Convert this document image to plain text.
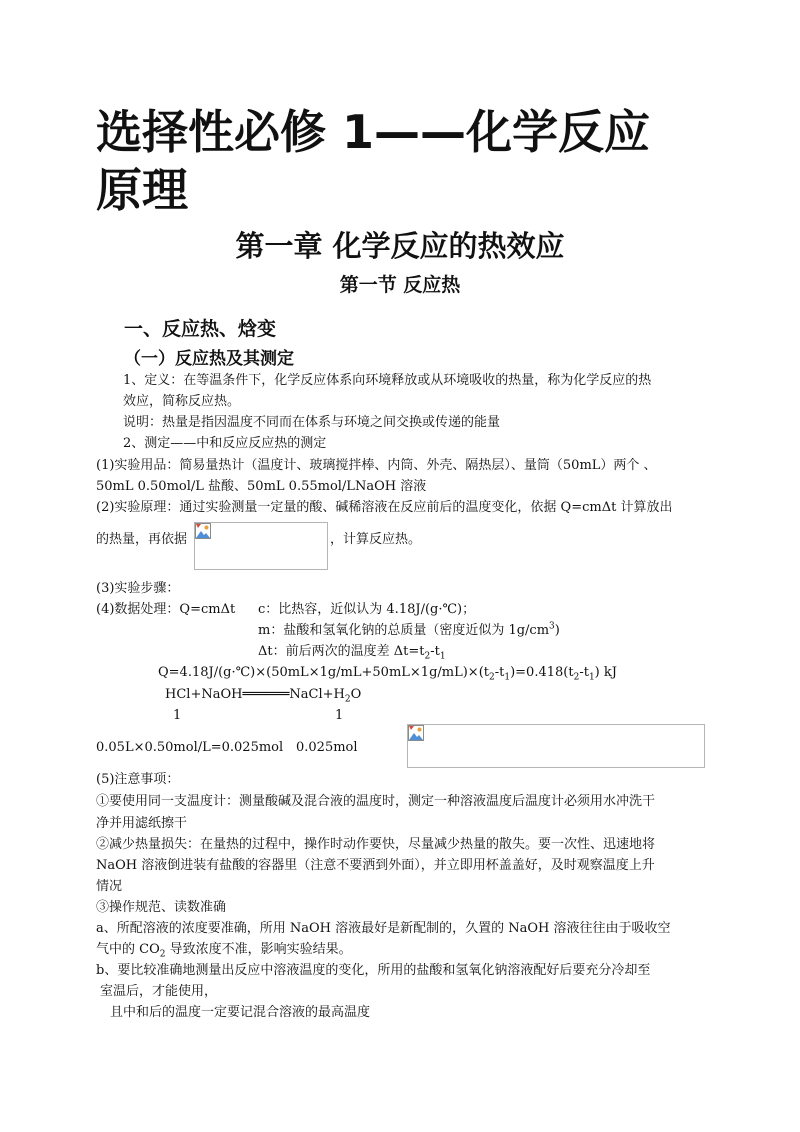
选择性必修 1——化学反应
原理
第一章 化学反应的热效应
第一节 反应热
一、反应热、焓变
（一）反应热及其测定
1、定义：在等温条件下，化学反应体系向环境释放或从环境吸收的热量，称为化学反应的热
效应，简称反应热。
说明：热量是指因温度不同而在体系与环境之间交换或传递的能量
2、测定——中和反应反应热的测定
(1)实验用品：简易量热计（温度计、玻璃搅拌棒、内筒、外壳、隔热层）、量筒（50mL）两个 、
50mL 0.50mol/L 盐酸、50mL 0.55mol/LNaOH 溶液
(2)实验原理：通过实验测量一定量的酸、碱稀溶液在反应前后的温度变化，依据 Q=cmΔt 计算放出
的热量，再依据	，计算反应热。
(3)实验步骤：
(4)数据处理：Q=cmΔt c：比热容，近似认为 4.18J/(g·℃)；
m：盐酸和氢氧化钠的总质量（密度近似为 $1g/cm^3$)
Δt：前后两次的温度差 $\Delta t=t_2-t_1$
$Q=4.18J/(g\cdot℃)\times(50mL\times 1g/mL+50mL\times 1g/mL)\times(t_2-t_1)=0.418(t_2-t_1)$ kJ
$HCl+NaOH══════NaCl+H_2O$
1	1
0.05L×0.50mol/L=0.025mol 0.025mol
(5)注意事项：
①要使用同一支温度计：测量酸碱及混合液的温度时，测定一种溶液温度后温度计必须用水冲洗干
净并用滤纸擦干
②减少热量损失：在量热的过程中，操作时动作要快，尽量减少热量的散失。要一次性、迅速地将
NaOH 溶液倒进装有盐酸的容器里（注意不要洒到外面），并立即用杯盖盖好，及时观察温度上升
情况
③操作规范、读数准确
a、所配溶液的浓度要准确，所用 NaOH 溶液最好是新配制的，久置的 NaOH 溶液往往由于吸收空
气中的 $CO_2$ 导致浓度不准，影响实验结果。
b、要比较准确地测量出反应中溶液温度的变化，所用的盐酸和氢氧化钠溶液配好后要充分冷却至
室温后，才能使用，
且中和后的温度一定要记混合溶液的最高温度
